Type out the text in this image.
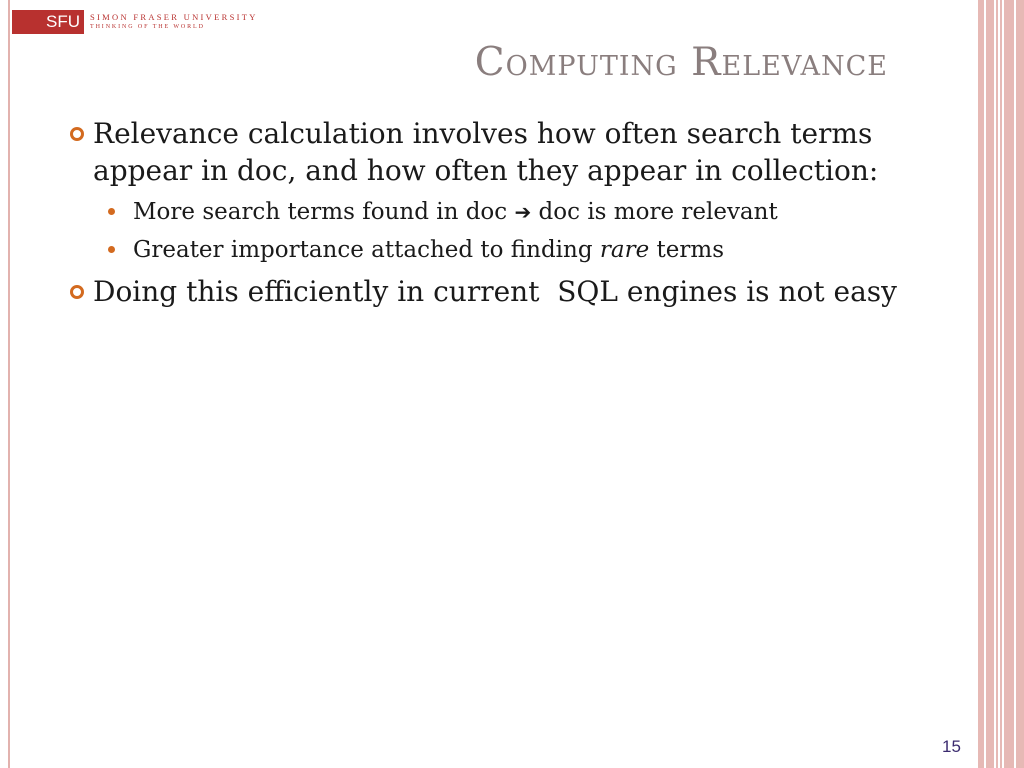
SFU	SIMON FRASER UNIVERSITY
THINKING OF THE WORLD
Computing Relevance
Relevance calculation involves how often search terms appear in doc, and how often they appear in collection:
More search terms found in doc ➔ doc is more relevant
Greater importance attached to finding rare terms
Doing this efficiently in current  SQL engines is not easy
15
